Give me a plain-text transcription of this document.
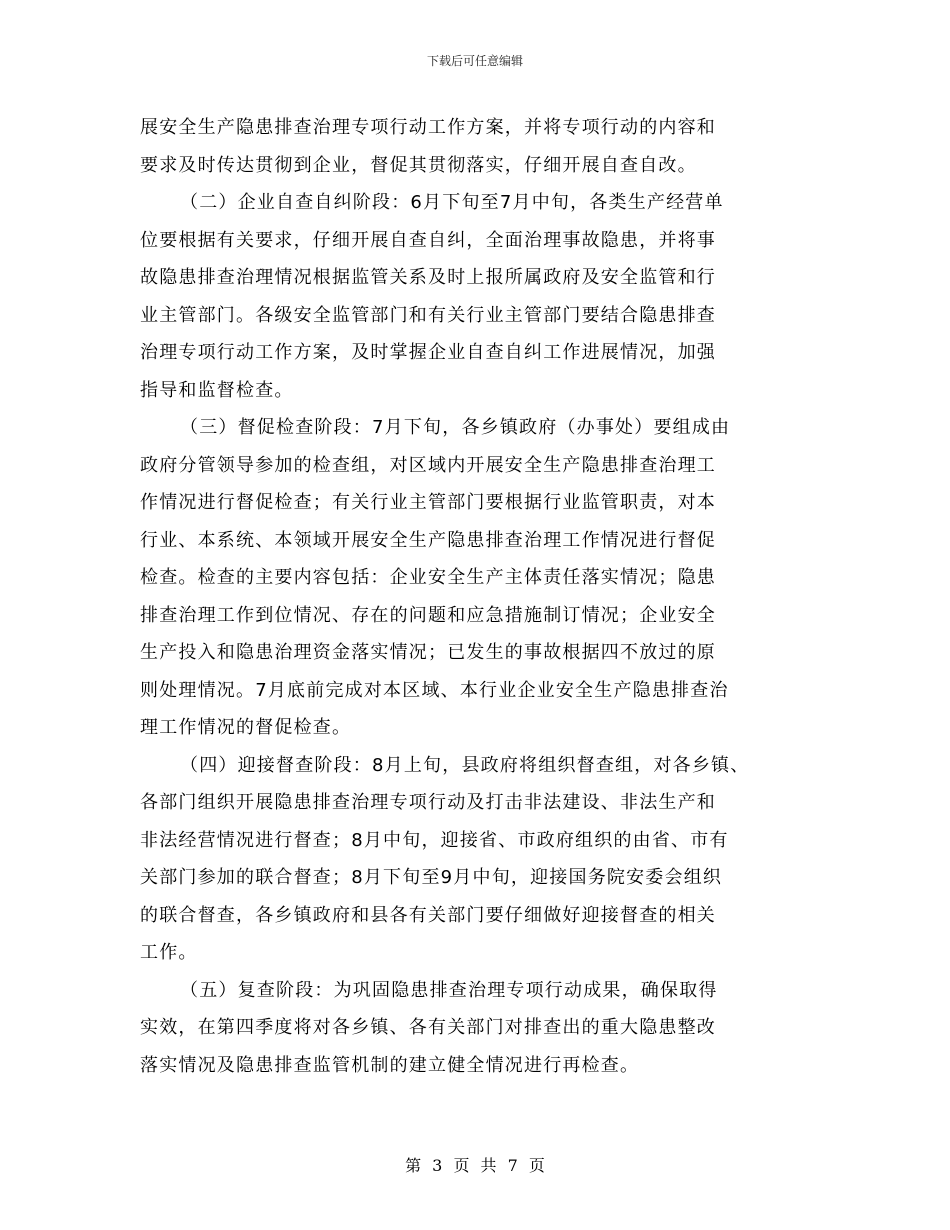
下载后可任意编辑
展安全生产隐患排查治理专项行动工作方案，并将专项行动的内容和
要求及时传达贯彻到企业，督促其贯彻落实，仔细开展自查自改。
（二）企业自查自纠阶段：6月下旬至7月中旬，各类生产经营单
位要根据有关要求，仔细开展自查自纠，全面治理事故隐患，并将事
故隐患排查治理情况根据监管关系及时上报所属政府及安全监管和行
业主管部门。各级安全监管部门和有关行业主管部门要结合隐患排查
治理专项行动工作方案，及时掌握企业自查自纠工作进展情况，加强
指导和监督检查。
（三）督促检查阶段：7月下旬，各乡镇政府（办事处）要组成由
政府分管领导参加的检查组，对区域内开展安全生产隐患排查治理工
作情况进行督促检查；有关行业主管部门要根据行业监管职责，对本
行业、本系统、本领域开展安全生产隐患排查治理工作情况进行督促
检查。检查的主要内容包括：企业安全生产主体责任落实情况；隐患
排查治理工作到位情况、存在的问题和应急措施制订情况；企业安全
生产投入和隐患治理资金落实情况；已发生的事故根据四不放过的原
则处理情况。7月底前完成对本区域、本行业企业安全生产隐患排查治
理工作情况的督促检查。
（四）迎接督查阶段：8月上旬，县政府将组织督查组，对各乡镇、
各部门组织开展隐患排查治理专项行动及打击非法建设、非法生产和
非法经营情况进行督查；8月中旬，迎接省、市政府组织的由省、市有
关部门参加的联合督查；8月下旬至9月中旬，迎接国务院安委会组织
的联合督查，各乡镇政府和县各有关部门要仔细做好迎接督查的相关
工作。
（五）复查阶段：为巩固隐患排查治理专项行动成果，确保取得
实效，在第四季度将对各乡镇、各有关部门对排查出的重大隐患整改
落实情况及隐患排查监管机制的建立健全情况进行再检查。
第 3 页 共 7 页
